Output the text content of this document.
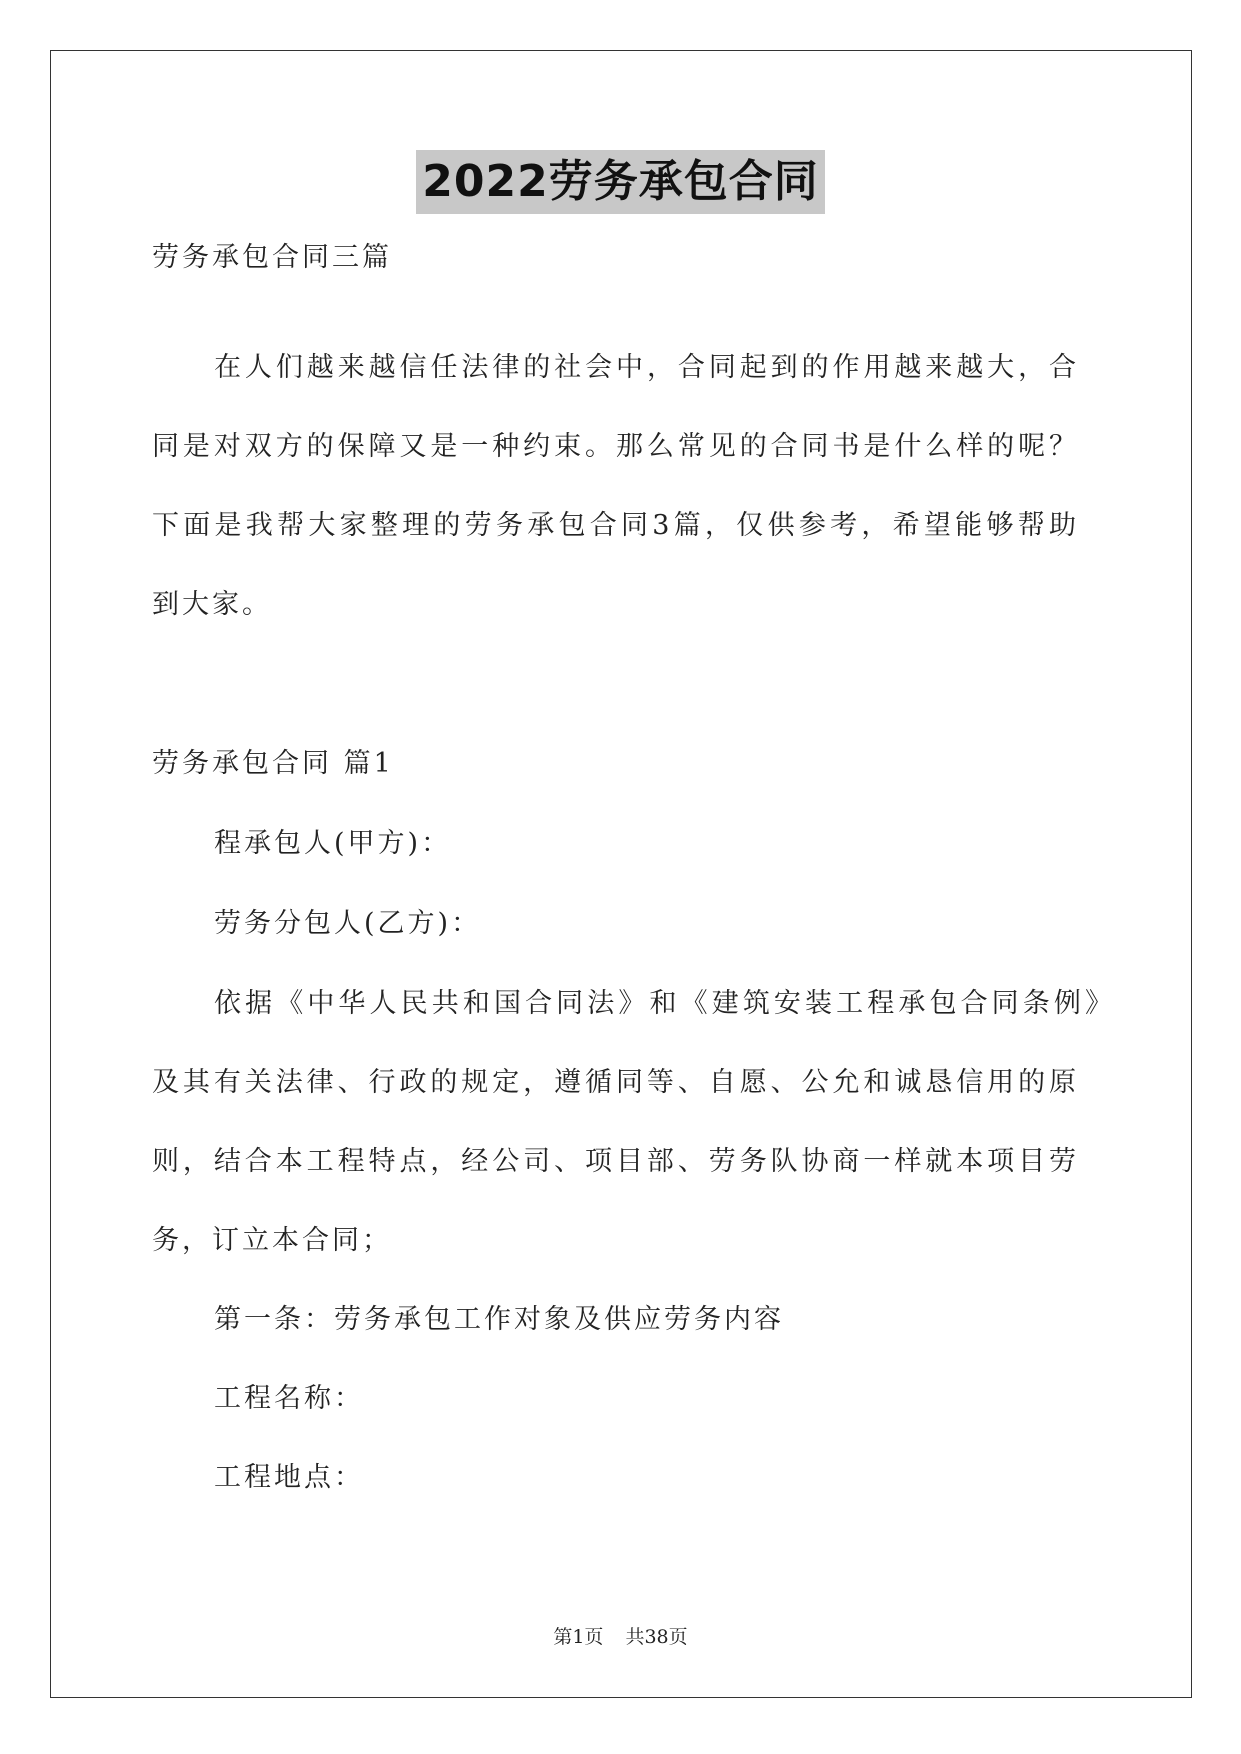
2022劳务承包合同
劳务承包合同三篇
在人们越来越信任法律的社会中，合同起到的作用越来越大，合
同是对双方的保障又是一种约束。那么常见的合同书是什么样的呢？
下面是我帮大家整理的劳务承包合同3篇，仅供参考，希望能够帮助
到大家。
劳务承包合同 篇1
程承包人(甲方)：
劳务分包人(乙方)：
依据《中华人民共和国合同法》和《建筑安装工程承包合同条例》
及其有关法律、行政的规定，遵循同等、自愿、公允和诚恳信用的原
则，结合本工程特点，经公司、项目部、劳务队协商一样就本项目劳
务，订立本合同；
第一条：劳务承包工作对象及供应劳务内容
工程名称：
工程地点：
第1页 共38页
